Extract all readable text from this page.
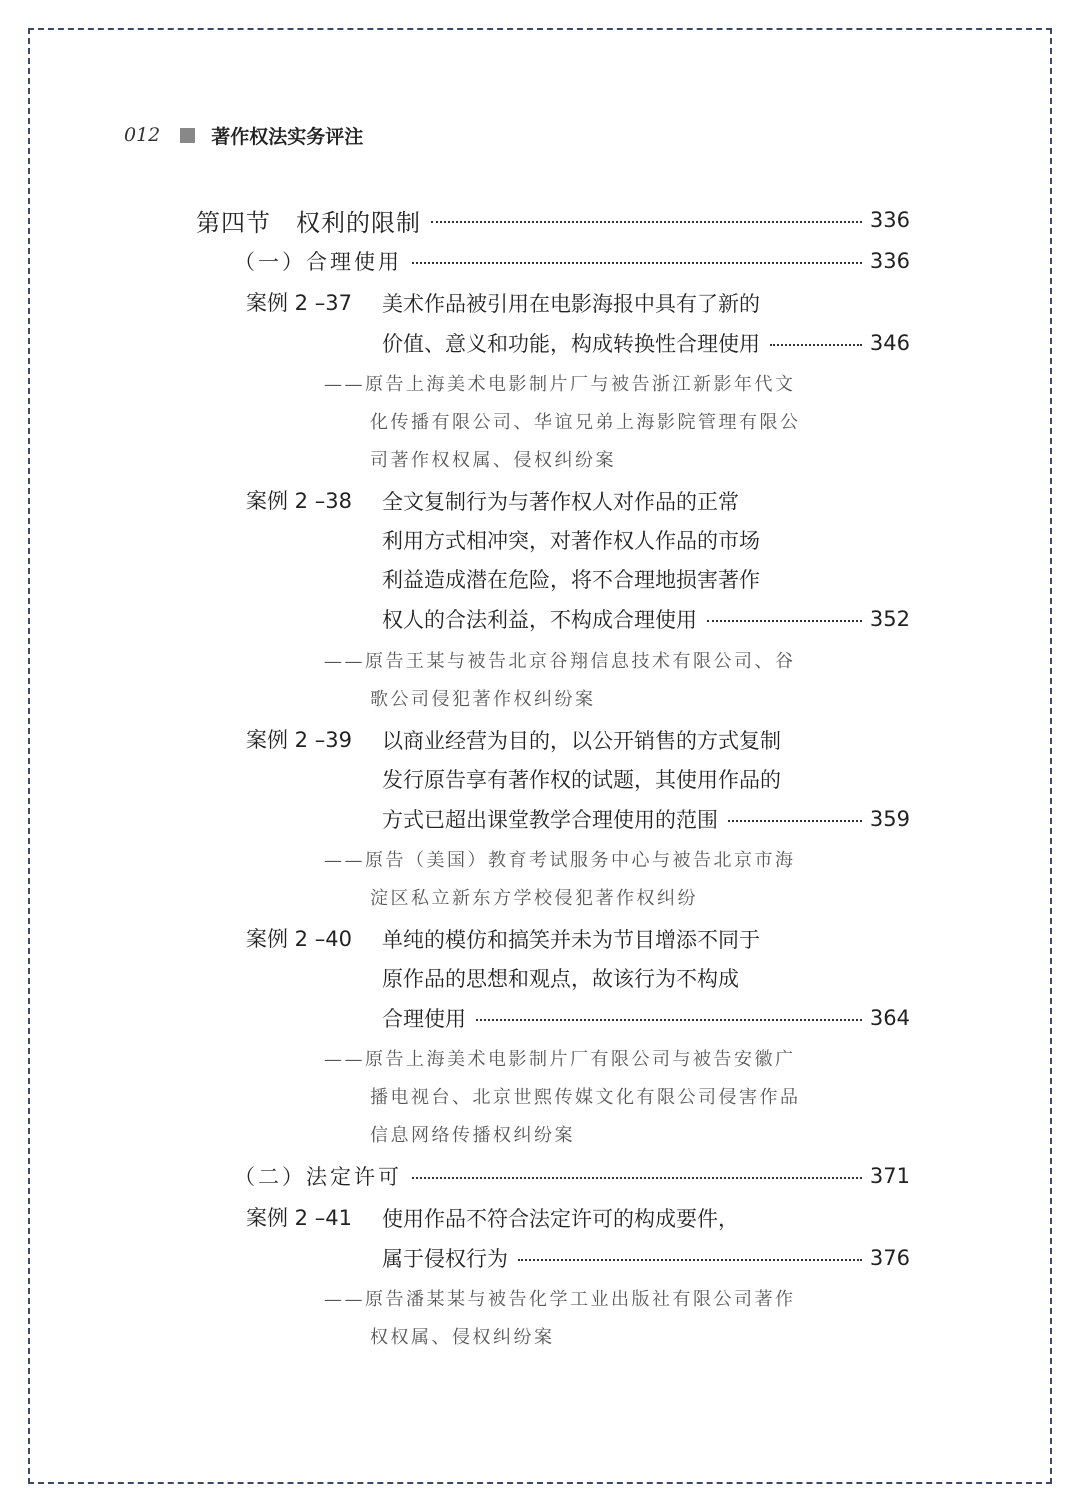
012	著作权法实务评注
第四节　权利的限制	336
（一）合理使用	336
案例 2 –37 美术作品被引用在电影海报中具有了新的
价值、意义和功能，构成转换性合理使用	346
——原告上海美术电影制片厂与被告浙江新影年代文
化传播有限公司、华谊兄弟上海影院管理有限公
司著作权权属、侵权纠纷案
案例 2 –38 全文复制行为与著作权人对作品的正常
利用方式相冲突，对著作权人作品的市场
利益造成潜在危险，将不合理地损害著作
权人的合法利益，不构成合理使用	352
——原告王某与被告北京谷翔信息技术有限公司、谷
歌公司侵犯著作权纠纷案
案例 2 –39 以商业经营为目的，以公开销售的方式复制
发行原告享有著作权的试题，其使用作品的
方式已超出课堂教学合理使用的范围	359
——原告（美国）教育考试服务中心与被告北京市海
淀区私立新东方学校侵犯著作权纠纷
案例 2 –40 单纯的模仿和搞笑并未为节目增添不同于
原作品的思想和观点，故该行为不构成
合理使用	364
——原告上海美术电影制片厂有限公司与被告安徽广
播电视台、北京世熙传媒文化有限公司侵害作品
信息网络传播权纠纷案
（二）法定许可	371
案例 2 –41 使用作品不符合法定许可的构成要件，
属于侵权行为	376
——原告潘某某与被告化学工业出版社有限公司著作
权权属、侵权纠纷案
